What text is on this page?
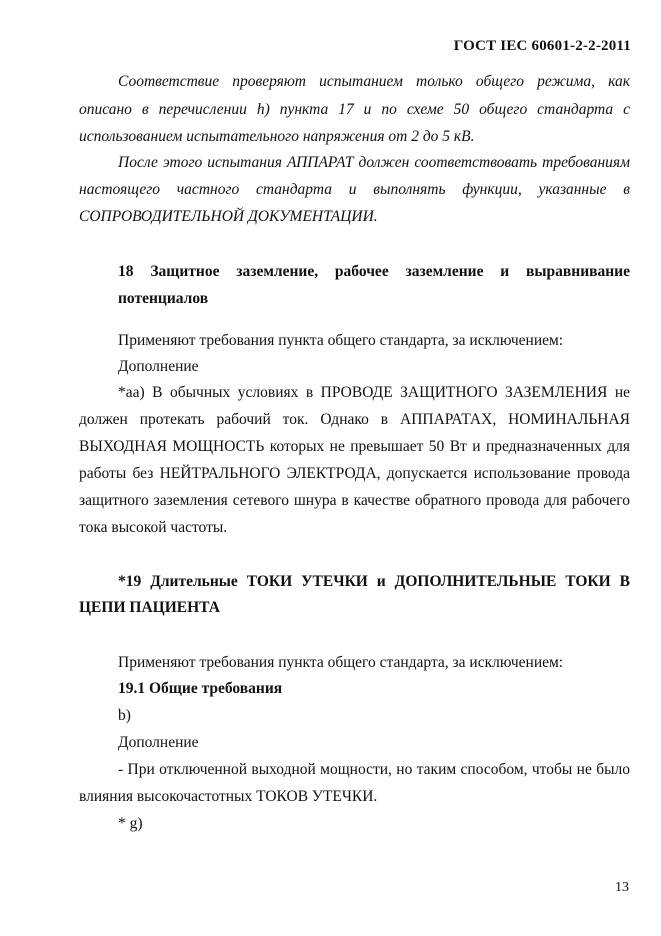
ГОСТ IEC 60601-2-2-2011
Соответствие проверяют испытанием только общего режима, как
описано в перечислении h) пункта 17 и по схеме 50 общего стандарта с
использованием испытательного напряжения от 2 до 5 кВ.
После этого испытания АППАРАТ должен соответствовать требованиям
настоящего частного стандарта и выполнять функции, указанные в
СОПРОВОДИТЕЛЬНОЙ ДОКУМЕНТАЦИИ.
18 Защитное заземление, рабочее заземление и выравнивание
потенциалов
Применяют требования пункта общего стандарта, за исключением:
Дополнение
*аа) В обычных условиях в ПРОВОДЕ ЗАЩИТНОГО ЗАЗЕМЛЕНИЯ не
должен протекать рабочий ток. Однако в АППАРАТАХ, НОМИНАЛЬНАЯ
ВЫХОДНАЯ МОЩНОСТЬ которых не превышает 50 Вт и предназначенных для
работы без НЕЙТРАЛЬНОГО ЭЛЕКТРОДА, допускается использование провода
защитного заземления сетевого шнура в качестве обратного провода для рабочего
тока высокой частоты.
*19 Длительные ТОКИ УТЕЧКИ и ДОПОЛНИТЕЛЬНЫЕ ТОКИ В
ЦЕПИ ПАЦИЕНТА
Применяют требования пункта общего стандарта, за исключением:
19.1 Общие требования
b)
Дополнение
- При отключенной выходной мощности, но таким способом, чтобы не было
влияния высокочастотных ТОКОВ УТЕЧКИ.
* g)
13
